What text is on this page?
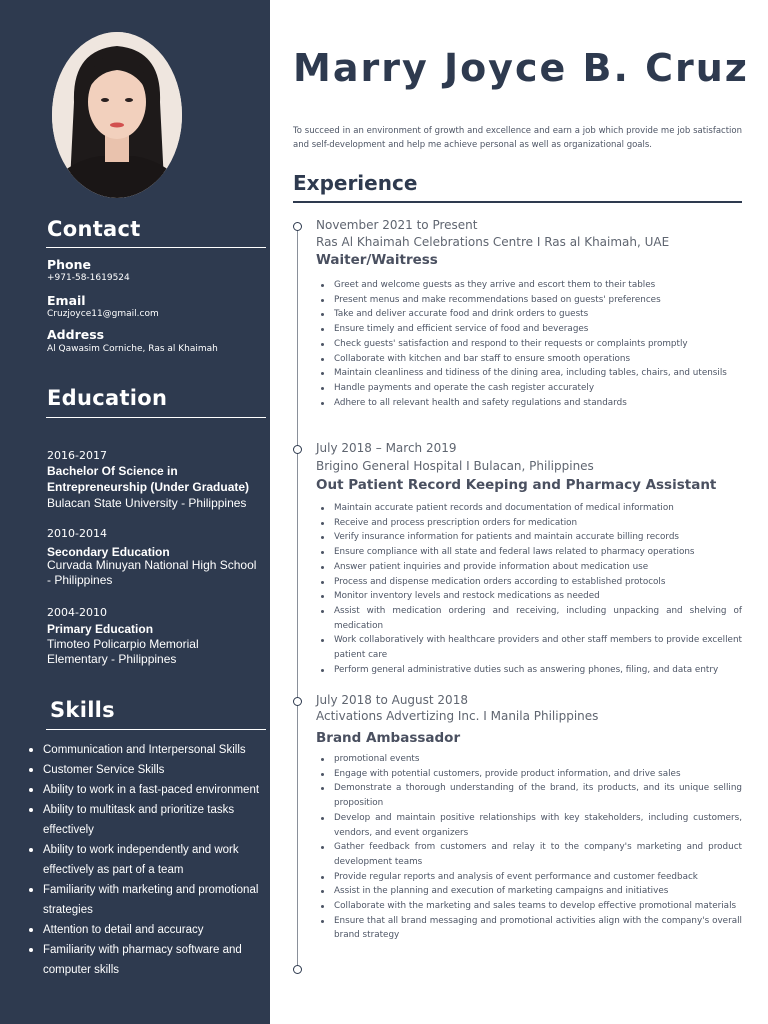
Contact
Phone
+971-58-1619524
Email
Cruzjoyce11@gmail.com
Address
Al Qawasim Corniche, Ras al Khaimah
Education
2016-2017
Bachelor Of Science in Entrepreneurship (Under Graduate)
Bulacan State University - Philippines
2010-2014
Secondary Education
Curvada Minuyan National High School - Philippines
2004-2010
Primary Education
Timoteo Policarpio Memorial Elementary - Philippines
Skills
Communication and Interpersonal Skills
Customer Service Skills
Ability to work in a fast-paced environment
Ability to multitask and prioritize tasks effectively
Ability to work independently and work effectively as part of a team
Familiarity with marketing and promotional strategies
Attention to detail and accuracy
Familiarity with pharmacy software and computer skills
Marry Joyce B. Cruz
To succeed in an environment of growth and excellence and earn a job which provide me job satisfaction and self-development and help me achieve personal as well as organizational goals.
Experience
November 2021 to Present
Ras Al Khaimah Celebrations Centre I Ras al Khaimah, UAE
Waiter/Waitress
Greet and welcome guests as they arrive and escort them to their tables
Present menus and make recommendations based on guests' preferences
Take and deliver accurate food and drink orders to guests
Ensure timely and efficient service of food and beverages
Check guests' satisfaction and respond to their requests or complaints promptly
Collaborate with kitchen and bar staff to ensure smooth operations
Maintain cleanliness and tidiness of the dining area, including tables, chairs, and utensils
Handle payments and operate the cash register accurately
Adhere to all relevant health and safety regulations and standards
July 2018 – March 2019
Brigino General Hospital I Bulacan, Philippines
Out Patient Record Keeping and Pharmacy Assistant
Maintain accurate patient records and documentation of medical information
Receive and process prescription orders for medication
Verify insurance information for patients and maintain accurate billing records
Ensure compliance with all state and federal laws related to pharmacy operations
Answer patient inquiries and provide information about medication use
Process and dispense medication orders according to established protocols
Monitor inventory levels and restock medications as needed
Assist with medication ordering and receiving, including unpacking and shelving of medication
Work collaboratively with healthcare providers and other staff members to provide excellent patient care
Perform general administrative duties such as answering phones, filing, and data entry
July 2018 to August 2018
Activations Advertizing Inc. I Manila Philippines
Brand Ambassador
promotional events
Engage with potential customers, provide product information, and drive sales
Demonstrate a thorough understanding of the brand, its products, and its unique selling proposition
Develop and maintain positive relationships with key stakeholders, including customers, vendors, and event organizers
Gather feedback from customers and relay it to the company's marketing and product development teams
Provide regular reports and analysis of event performance and customer feedback
Assist in the planning and execution of marketing campaigns and initiatives
Collaborate with the marketing and sales teams to develop effective promotional materials
Ensure that all brand messaging and promotional activities align with the company's overall brand strategy
